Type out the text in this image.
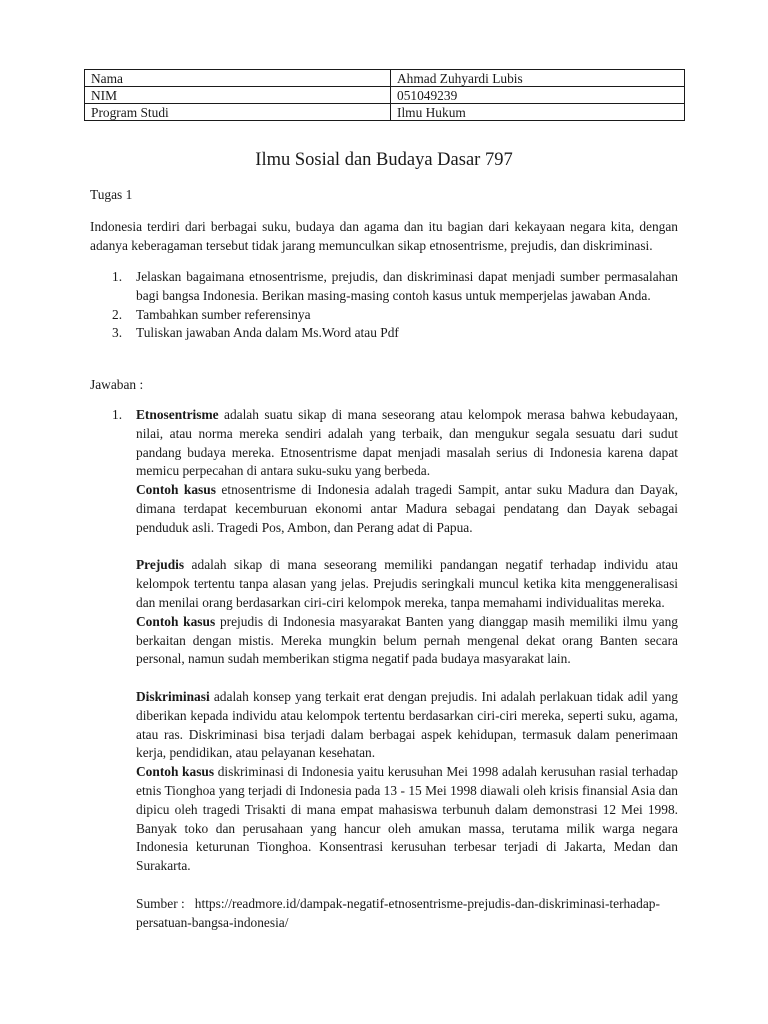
Nama	Ahmad Zuhyardi Lubis
NIM	051049239
Program Studi	Ilmu Hukum
Ilmu Sosial dan Budaya Dasar 797
Tugas 1

Indonesia terdiri dari berbagai suku, budaya dan agama dan itu bagian dari kekayaan negara kita, dengan adanya keberagaman tersebut tidak jarang memunculkan sikap etnosentrisme, prejudis, dan diskriminasi.

1. Jelaskan bagaimana etnosentrisme, prejudis, dan diskriminasi dapat menjadi sumber permasalahan bagi bangsa Indonesia. Berikan masing-masing contoh kasus untuk memperjelas jawaban Anda.
2. Tambahkan sumber referensinya
3. Tuliskan jawaban Anda dalam Ms.Word atau Pdf
Jawaban :
1. Etnosentrisme adalah suatu sikap di mana seseorang atau kelompok merasa bahwa kebudayaan, nilai, atau norma mereka sendiri adalah yang terbaik, dan mengukur segala sesuatu dari sudut pandang budaya mereka. Etnosentrisme dapat menjadi masalah serius di Indonesia karena dapat memicu perpecahan di antara suku-suku yang berbeda.

Contoh kasus etnosentrisme di Indonesia adalah tragedi Sampit, antar suku Madura dan Dayak, dimana terdapat kecemburuan ekonomi antar Madura sebagai pendatang dan Dayak sebagai penduduk asli. Tragedi Pos, Ambon, dan Perang adat di Papua.

Prejudis adalah sikap di mana seseorang memiliki pandangan negatif terhadap individu atau kelompok tertentu tanpa alasan yang jelas. Prejudis seringkali muncul ketika kita menggeneralisasi dan menilai orang berdasarkan ciri-ciri kelompok mereka, tanpa memahami individualitas mereka.

Contoh kasus prejudis di Indonesia masyarakat Banten yang dianggap masih memiliki ilmu yang berkaitan dengan mistis. Mereka mungkin belum pernah mengenal dekat orang Banten secara personal, namun sudah memberikan stigma negatif pada budaya masyarakat lain.

Diskriminasi adalah konsep yang terkait erat dengan prejudis. Ini adalah perlakuan tidak adil yang diberikan kepada individu atau kelompok tertentu berdasarkan ciri-ciri mereka, seperti suku, agama, atau ras. Diskriminasi bisa terjadi dalam berbagai aspek kehidupan, termasuk dalam penerimaan kerja, pendidikan, atau pelayanan kesehatan.

Contoh kasus diskriminasi di Indonesia yaitu kerusuhan Mei 1998 adalah kerusuhan rasial terhadap etnis Tionghoa yang terjadi di Indonesia pada 13 - 15 Mei 1998 diawali oleh krisis finansial Asia dan dipicu oleh tragedi Trisakti di mana empat mahasiswa terbunuh dalam demonstrasi 12 Mei 1998. Banyak toko dan perusahaan yang hancur oleh amukan massa, terutama milik warga negara Indonesia keturunan Tionghoa. Konsentrasi kerusuhan terbesar terjadi di Jakarta, Medan dan Surakarta.

Sumber : https://readmore.id/dampak-negatif-etnosentrisme-prejudis-dan-diskriminasi-terhadap-persatuan-bangsa-indonesia/
